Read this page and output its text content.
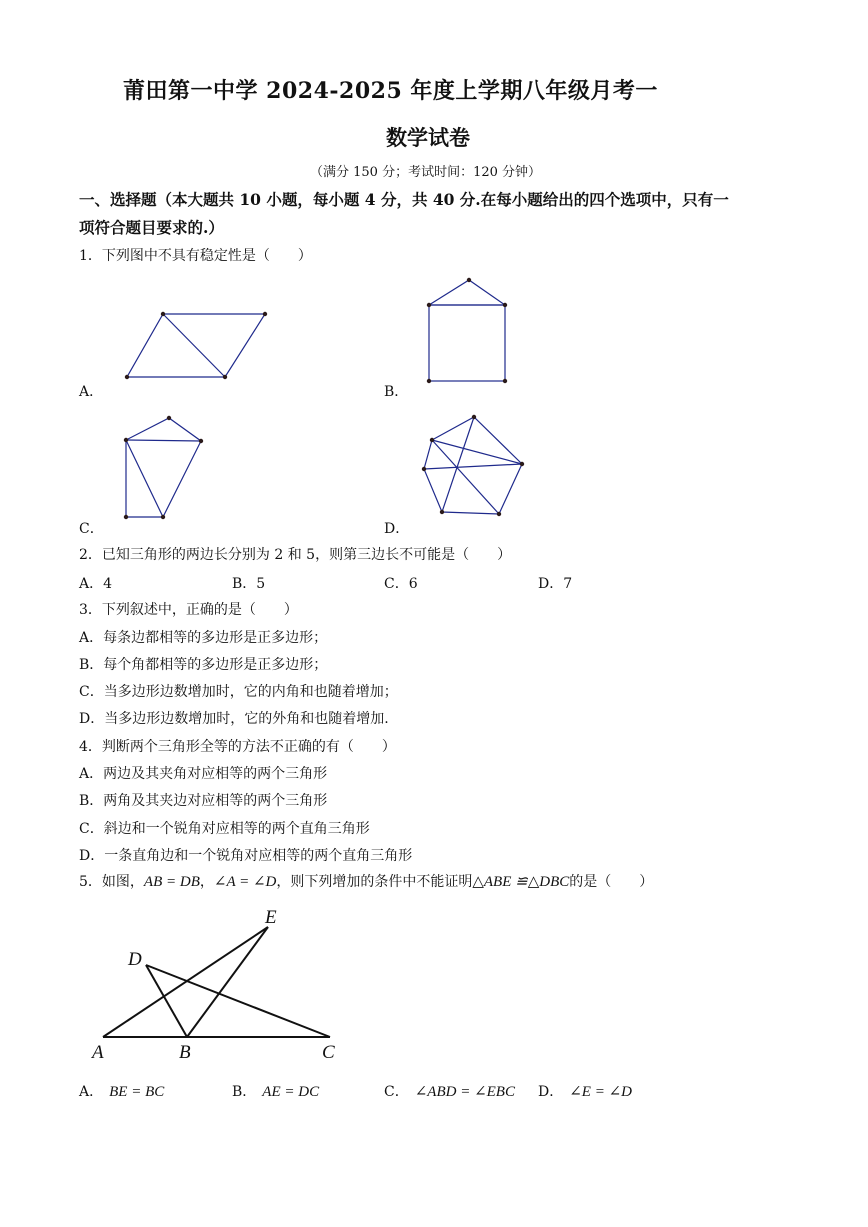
莆田第一中学 2024-2025 年度上学期八年级月考一
数学试卷
（满分 150 分；考试时间：120 分钟）
一、选择题（本大题共 10 小题，每小题 4 分，共 40 分.在每小题给出的四个选项中，只有一
项符合题目要求的.）
1．下列图中不具有稳定性是（　　）
A．	B．
C．	D．
2．已知三角形的两边长分别为 2 和 5，则第三边长不可能是（　　）
A．4	B．5	C．6	D．7
3．下列叙述中，正确的是（　　）
A．每条边都相等的多边形是正多边形；
B．每个角都相等的多边形是正多边形；
C．当多边形边数增加时，它的内角和也随着增加；
D．当多边形边数增加时，它的外角和也随着增加.
4．判断两个三角形全等的方法不正确的有（　　）
A．两边及其夹角对应相等的两个三角形
B．两角及其夹边对应相等的两个三角形
C．斜边和一个锐角对应相等的两个直角三角形
D．一条直角边和一个锐角对应相等的两个直角三角形
5．如图，AB = DB，∠A = ∠D，则下列增加的条件中不能证明△ABE ≌△DBC的是（　　）
A	B	C
D
E
A． BE = BC	B． AE = DC	C． ∠ABD = ∠EBC D． ∠E = ∠D
